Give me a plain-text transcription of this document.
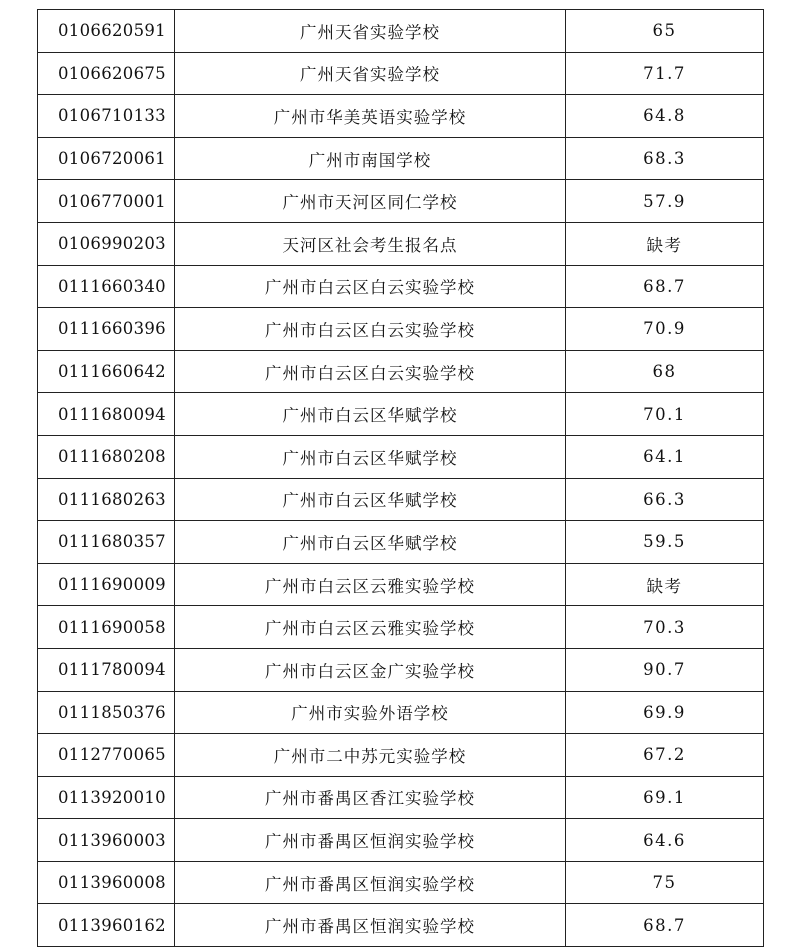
0106620591	广州天省实验学校	65
0106620675	广州天省实验学校	71.7
0106710133	广州市华美英语实验学校	64.8
0106720061	广州市南国学校	68.3
0106770001	广州市天河区同仁学校	57.9
0106990203	天河区社会考生报名点	缺考
0111660340	广州市白云区白云实验学校	68.7
0111660396	广州市白云区白云实验学校	70.9
0111660642	广州市白云区白云实验学校	68
0111680094	广州市白云区华赋学校	70.1
0111680208	广州市白云区华赋学校	64.1
0111680263	广州市白云区华赋学校	66.3
0111680357	广州市白云区华赋学校	59.5
0111690009	广州市白云区云雅实验学校	缺考
0111690058	广州市白云区云雅实验学校	70.3
0111780094	广州市白云区金广实验学校	90.7
0111850376	广州市实验外语学校	69.9
0112770065	广州市二中苏元实验学校	67.2
0113920010	广州市番禺区香江实验学校	69.1
0113960003	广州市番禺区恒润实验学校	64.6
0113960008	广州市番禺区恒润实验学校	75
0113960162	广州市番禺区恒润实验学校	68.7
